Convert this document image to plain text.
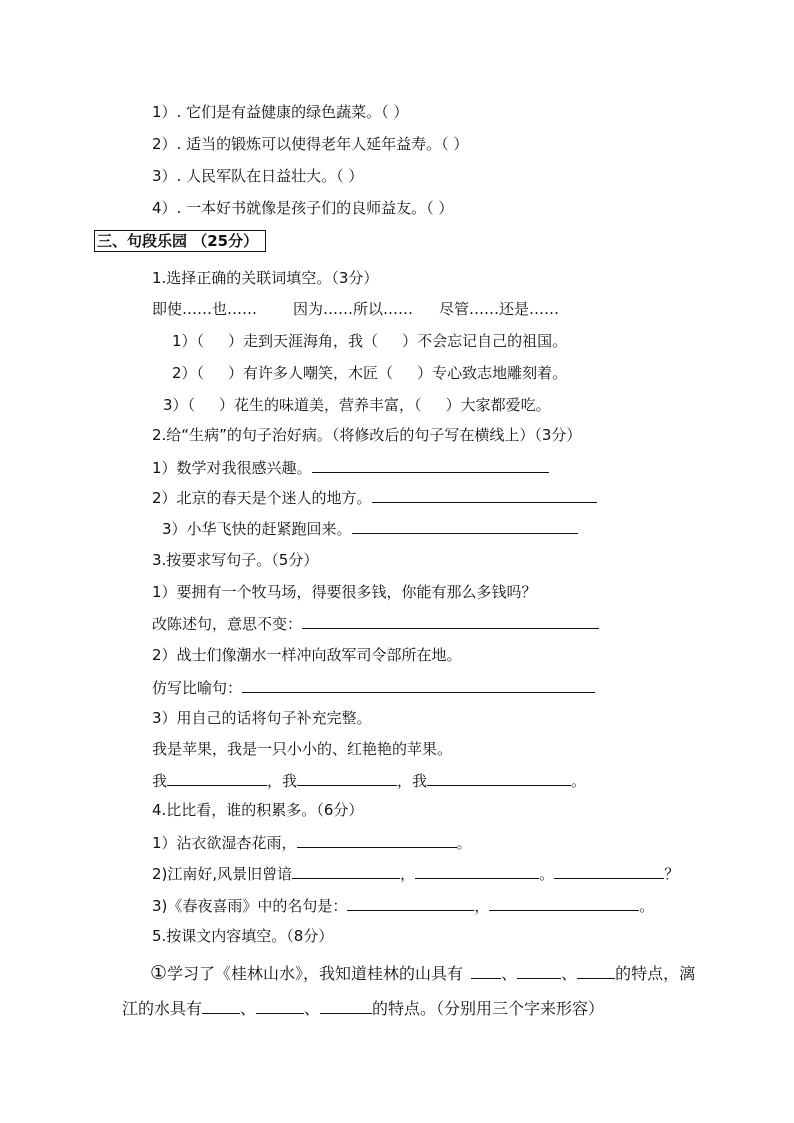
1）. 它们是有益健康的绿色蔬菜。（ ）
2）. 适当的锻炼可以使得老年人延年益寿。（ ）
3）. 人民军队在日益壮大。（ ）
4）. 一本好书就像是孩子们的良师益友。（ ）
三、句段乐园 （25分）
1.选择正确的关联词填空。（3分）
即使……也…… 因为……所以…… 尽管……还是……
1）（ ）走到天涯海角，我（ ）不会忘记自己的祖国。
2）（ ）有许多人嘲笑，木匠（ ）专心致志地雕刻着。
3）（ ）花生的味道美，营养丰富，（ ）大家都爱吃。
2.给“生病”的句子治好病。（将修改后的句子写在横线上）（3分）
1）数学对我很感兴趣。
2）北京的春天是个迷人的地方。
3）小华飞快的赶紧跑回来。
3.按要求写句子。（5分）
1）要拥有一个牧马场，得要很多钱，你能有那么多钱吗？
改陈述句，意思不变：
2）战士们像潮水一样冲向敌军司令部所在地。
仿写比喻句：
3）用自己的话将句子补充完整。
我是苹果，我是一只小小的、红艳艳的苹果。
我	，我	，我	。
4.比比看，谁的积累多。（6分）
1）沾衣欲湿杏花雨，	。
2)江南好,风景旧曾谙	，	。	？
3)《春夜喜雨》中的名句是：	，	。
5.按课文内容填空。（8分）
①学习了《桂林山水》，我知道桂林的山具有 、	、 的特点，漓
江的水具有 、	、	的特点。（分别用三个字来形容）
